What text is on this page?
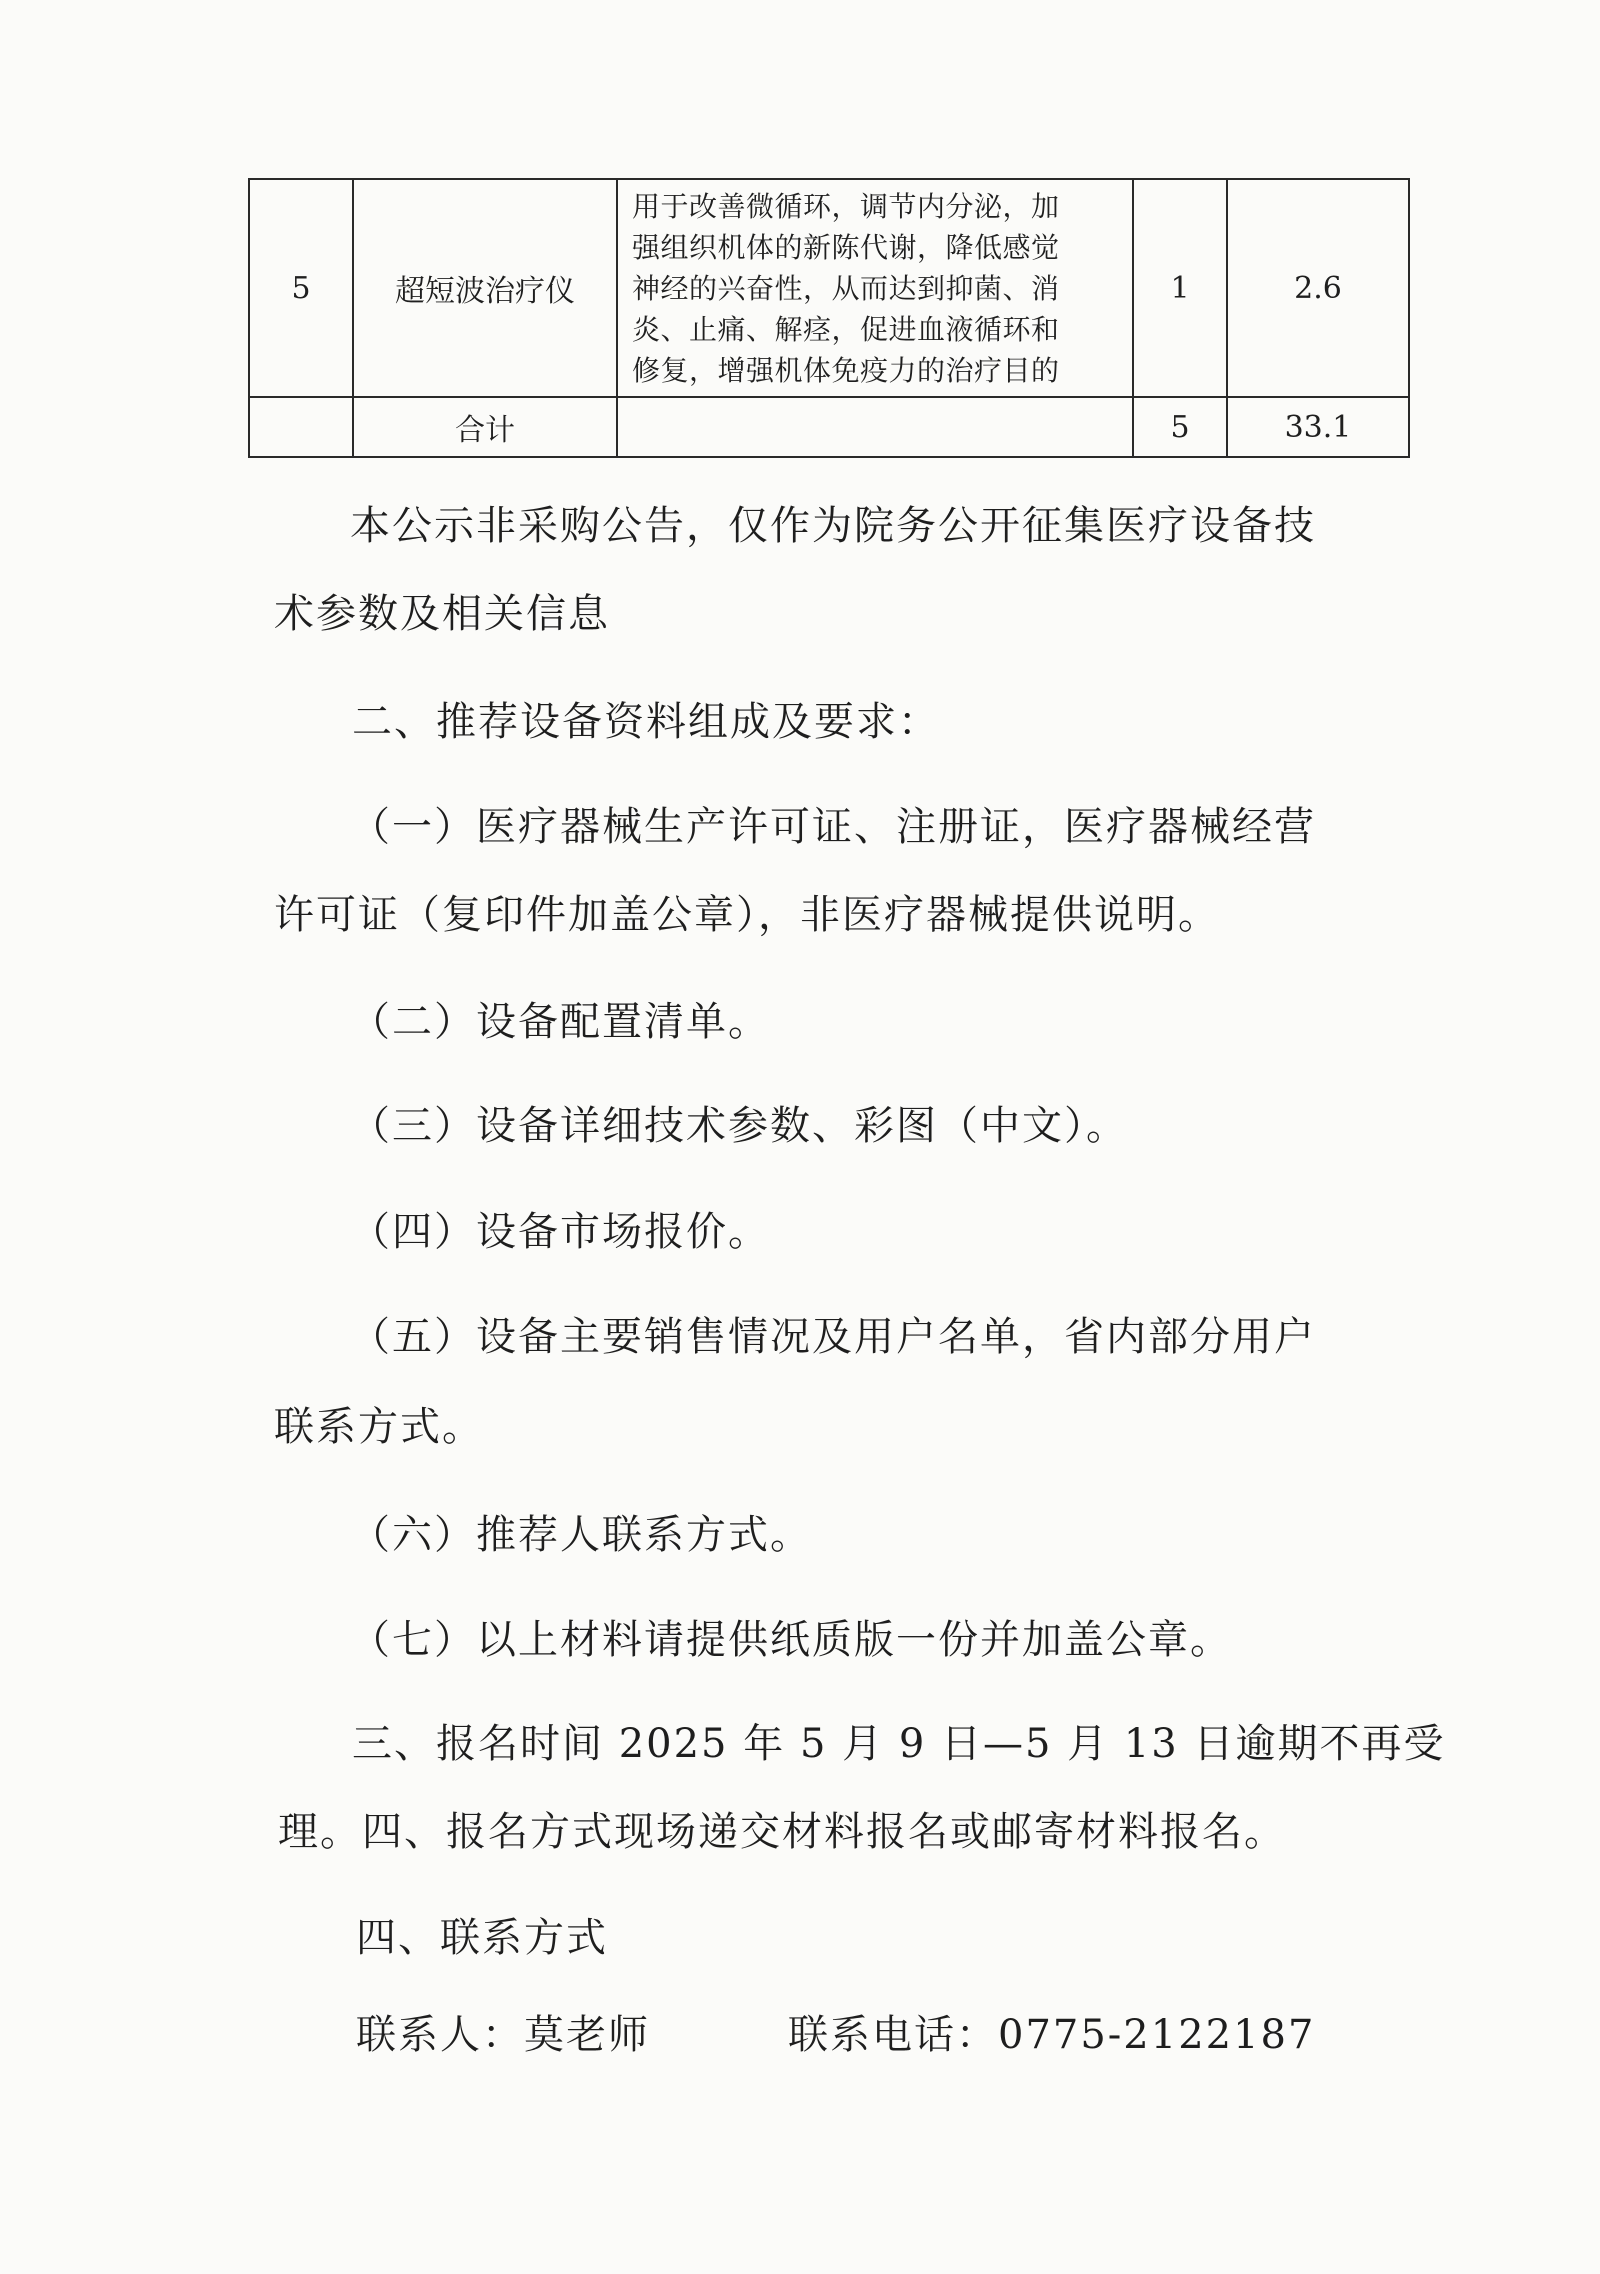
5	超短波治疗仪	用于改善微循环，调节内分泌，加
强组织机体的新陈代谢，降低感觉
神经的兴奋性，从而达到抑菌、消
炎、止痛、解痉，促进血液循环和
修复，增强机体免疫力的治疗目的	1	2.6
	合计		5	33.1
本公示非采购公告，仅作为院务公开征集医疗设备技
术参数及相关信息
二、推荐设备资料组成及要求：
（一）医疗器械生产许可证、注册证，医疗器械经营
许可证（复印件加盖公章），非医疗器械提供说明。
（二）设备配置清单。
（三）设备详细技术参数、彩图（中文）。
（四）设备市场报价。
（五）设备主要销售情况及用户名单，省内部分用户
联系方式。
（六）推荐人联系方式。
（七）以上材料请提供纸质版一份并加盖公章。
三、报名时间 2025 年 5 月 9 日—5 月 13 日逾期不再受
理。四、报名方式现场递交材料报名或邮寄材料报名。
四、联系方式
联系人：莫老师	联系电话：0775-2122187
